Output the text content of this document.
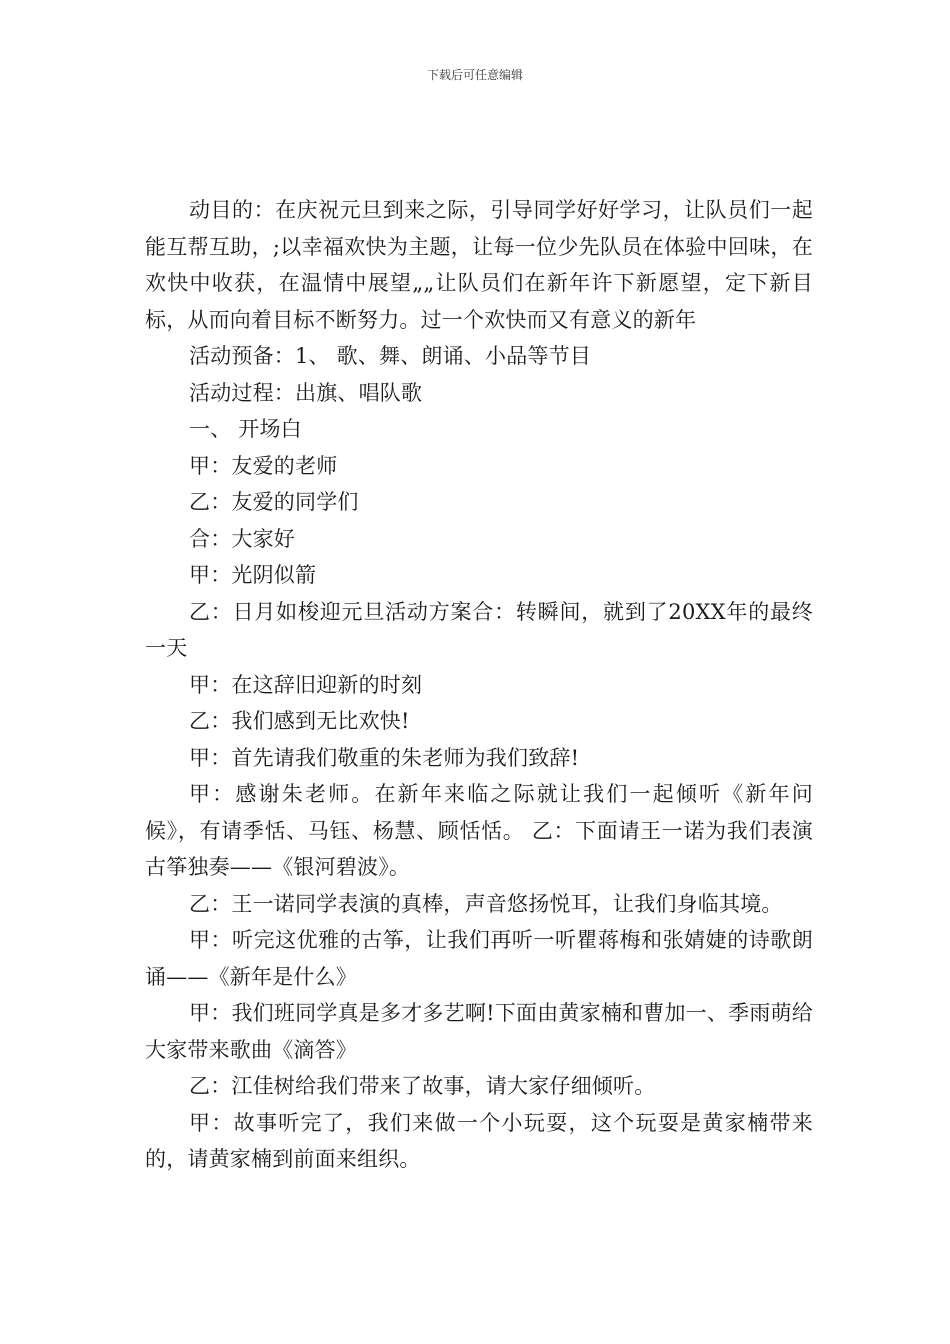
下载后可任意编辑

动目的：在庆祝元旦到来之际，引导同学好好学习，让队员们一起能互帮互助，;以幸福欢快为主题，让每一位少先队员在体验中回味，在欢快中收获，在温情中展望„„让队员们在新年许下新愿望，定下新目标，从而向着目标不断努力。过一个欢快而又有意义的新年

活动预备：1、 歌、舞、朗诵、小品等节目

活动过程：出旗、唱队歌

一、 开场白

甲：友爱的老师

乙：友爱的同学们

合：大家好

甲：光阴似箭

乙：日月如梭迎元旦活动方案合：转瞬间，就到了20XX年的最终一天

甲：在这辞旧迎新的时刻

乙：我们感到无比欢快!

甲：首先请我们敬重的朱老师为我们致辞!

甲：感谢朱老师。在新年来临之际就让我们一起倾听《新年问候》，有请季恬、马钰、杨慧、顾恬恬。 乙：下面请王一诺为我们表演古筝独奏——《银河碧波》。

乙：王一诺同学表演的真棒，声音悠扬悦耳，让我们身临其境。

甲：听完这优雅的古筝，让我们再听一听瞿蒋梅和张婧婕的诗歌朗诵——《新年是什么》

甲：我们班同学真是多才多艺啊!下面由黄家楠和曹加一、季雨萌给大家带来歌曲《滴答》

乙：江佳树给我们带来了故事，请大家仔细倾听。

甲：故事听完了，我们来做一个小玩耍，这个玩耍是黄家楠带来的，请黄家楠到前面来组织。
